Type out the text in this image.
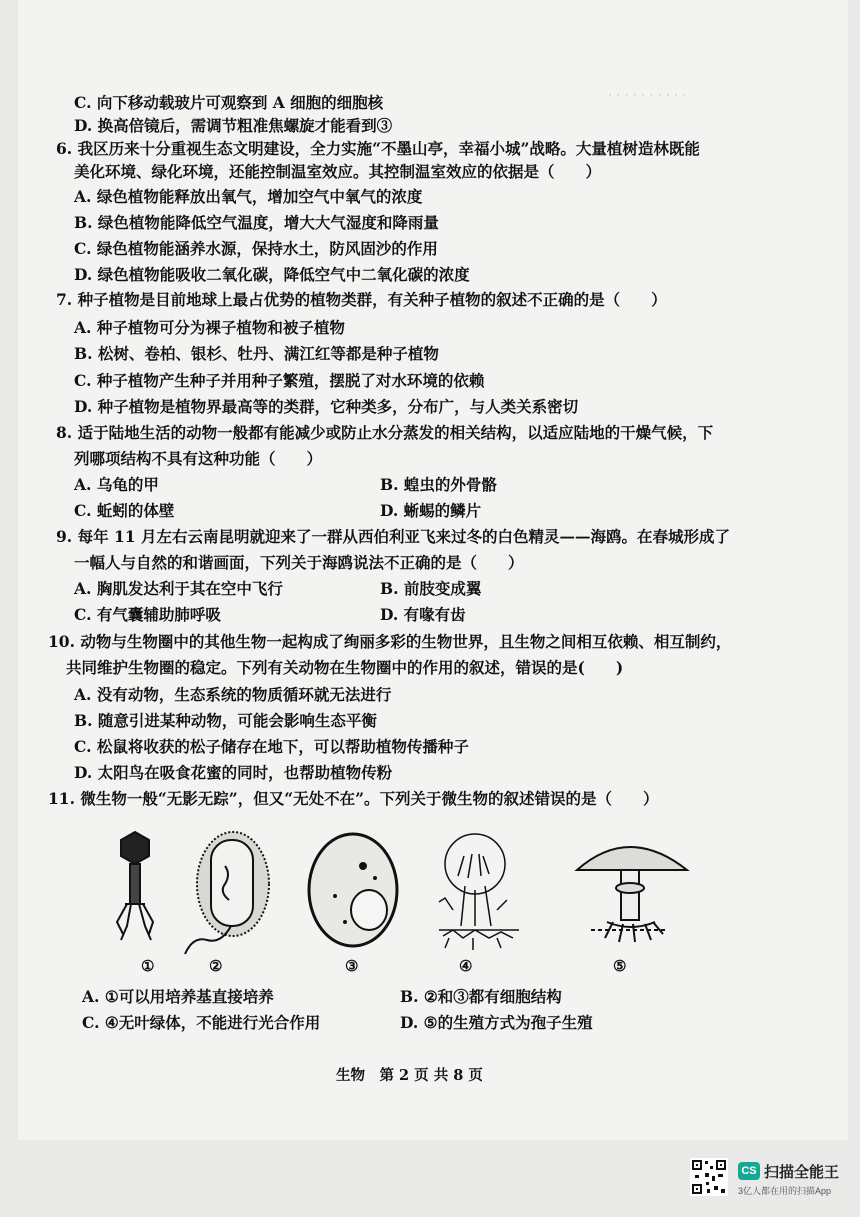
· · · · · · · · · ·
C. 向下移动载玻片可观察到 A 细胞的细胞核
D. 换高倍镜后，需调节粗准焦螺旋才能看到③
6. 我区历来十分重视生态文明建设，全力实施“不墨山亭，幸福小城”战略。大量植树造林既能
美化环境、绿化环境，还能控制温室效应。其控制温室效应的依据是（　　）
A. 绿色植物能释放出氧气，增加空气中氧气的浓度
B. 绿色植物能降低空气温度，增大大气湿度和降雨量
C. 绿色植物能涵养水源，保持水土，防风固沙的作用
D. 绿色植物能吸收二氧化碳，降低空气中二氧化碳的浓度
7. 种子植物是目前地球上最占优势的植物类群，有关种子植物的叙述不正确的是（　　）
A. 种子植物可分为裸子植物和被子植物
B. 松树、卷柏、银杉、牡丹、满江红等都是种子植物
C. 种子植物产生种子并用种子繁殖，摆脱了对水环境的依赖
D. 种子植物是植物界最高等的类群，它种类多，分布广，与人类关系密切
8. 适于陆地生活的动物一般都有能减少或防止水分蒸发的相关结构，以适应陆地的干燥气候，下
列哪项结构不具有这种功能（　　）
A. 乌龟的甲	B. 蝗虫的外骨骼
C. 蚯蚓的体壁	D. 蜥蜴的鳞片
9. 每年 11 月左右云南昆明就迎来了一群从西伯利亚飞来过冬的白色精灵——海鸥。在春城形成了
一幅人与自然的和谐画面，下列关于海鸥说法不正确的是（　　）
A. 胸肌发达利于其在空中飞行	B. 前肢变成翼
C. 有气囊辅助肺呼吸	D. 有喙有齿
10. 动物与生物圈中的其他生物一起构成了绚丽多彩的生物世界，且生物之间相互依赖、相互制约，
共同维护生物圈的稳定。下列有关动物在生物圈中的作用的叙述，错误的是(　　)
A. 没有动物，生态系统的物质循环就无法进行
B. 随意引进某种动物，可能会影响生态平衡
C. 松鼠将收获的松子储存在地下，可以帮助植物传播种子
D. 太阳鸟在吸食花蜜的同时，也帮助植物传粉
11. 微生物一般“无影无踪”，但又“无处不在”。下列关于微生物的叙述错误的是（　　）
①	②	③	④	⑤
A. ①可以用培养基直接培养	B. ②和③都有细胞结构
C. ④无叶绿体，不能进行光合作用	D. ⑤的生殖方式为孢子生殖
生物　第 2 页 共 8 页
CS 扫描全能王
3亿人都在用的扫描App
